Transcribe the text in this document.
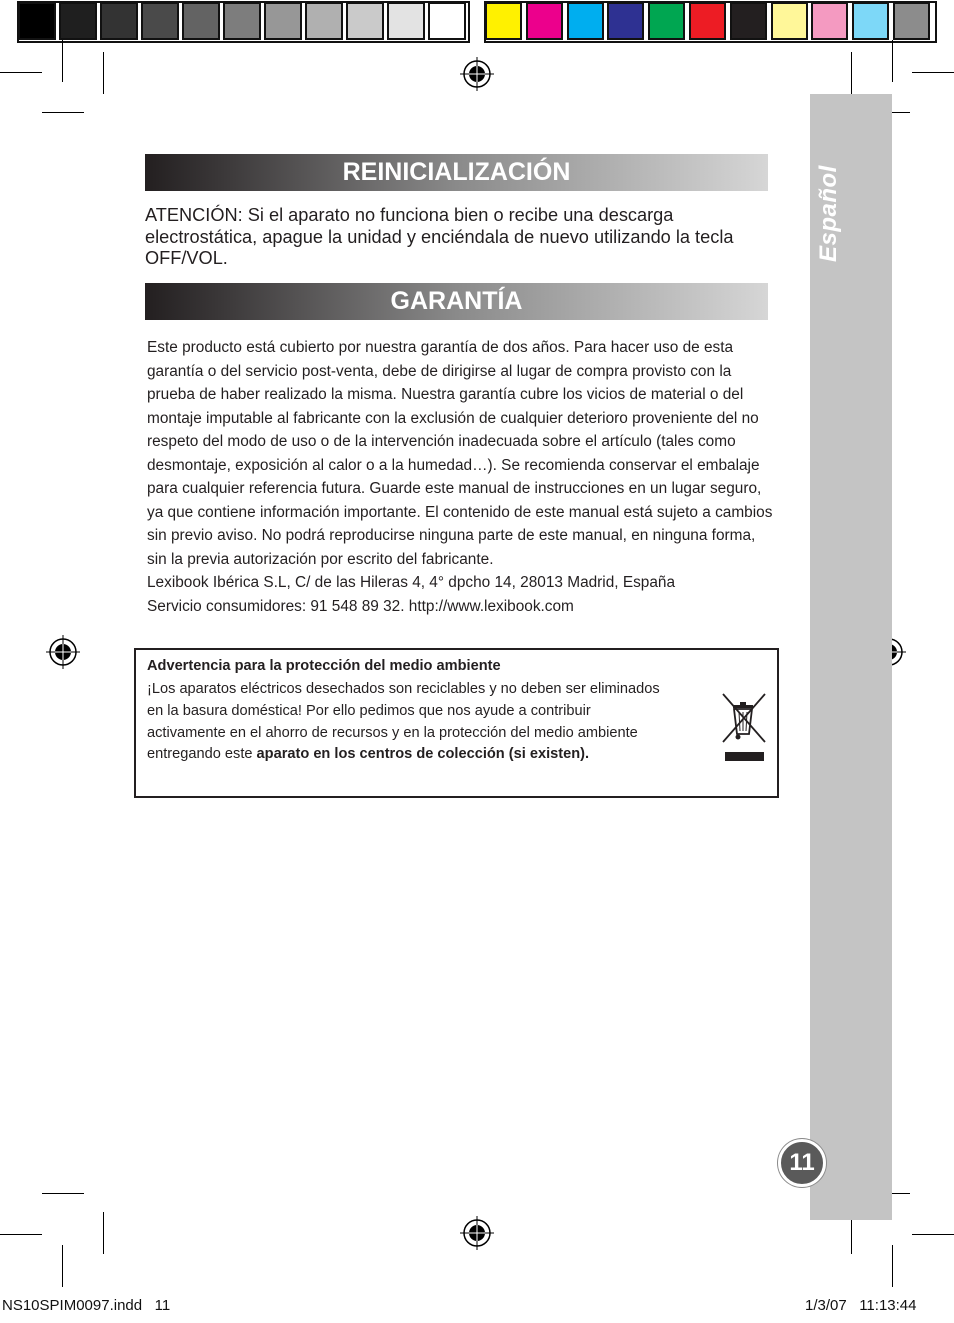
Español
11
REINICIALIZACIÓN
ATENCIÓN: Si el aparato no funciona bien o recibe una descarga electrostática, apague la unidad y enciéndala de nuevo utilizando la tecla OFF/VOL.
GARANTÍA

Este producto está cubierto por nuestra garantía de dos años. Para hacer uso de esta garantía o del servicio post-venta, debe de dirigirse al lugar de compra provisto con la prueba de haber realizado la misma. Nuestra garantía cubre los vicios de material o del montaje imputable al fabricante con la exclusión de cualquier deterioro proveniente del no respeto del modo de uso o de la intervención inadecuada sobre el artículo (tales como desmontaje, exposición al calor o a la humedad…). Se recomienda conservar el embalaje para cualquier referencia futura. Guarde este manual de instrucciones en un lugar seguro, ya que contiene información importante. El contenido de este manual está sujeto a cambios sin previo aviso. No podrá reproducirse ninguna parte de este manual, en ninguna forma, sin la previa autorización por escrito del fabricante.

Lexibook Ibérica S.L, C/ de las Hileras 4, 4° dpcho 14, 28013 Madrid, España

Servicio consumidores: 91 548 89 32. http://www.lexibook.com

Advertencia para la protección del medio ambiente
¡Los aparatos eléctricos desechados son reciclables y no deben ser eliminados en la basura doméstica! Por ello pedimos que nos ayude a contribuir activamente en el ahorro de recursos y en la protección del medio ambiente entregando este aparato en los centros de colección (si existen).
NS10SPIM0097.indd   11	1/3/07   11:13:44
